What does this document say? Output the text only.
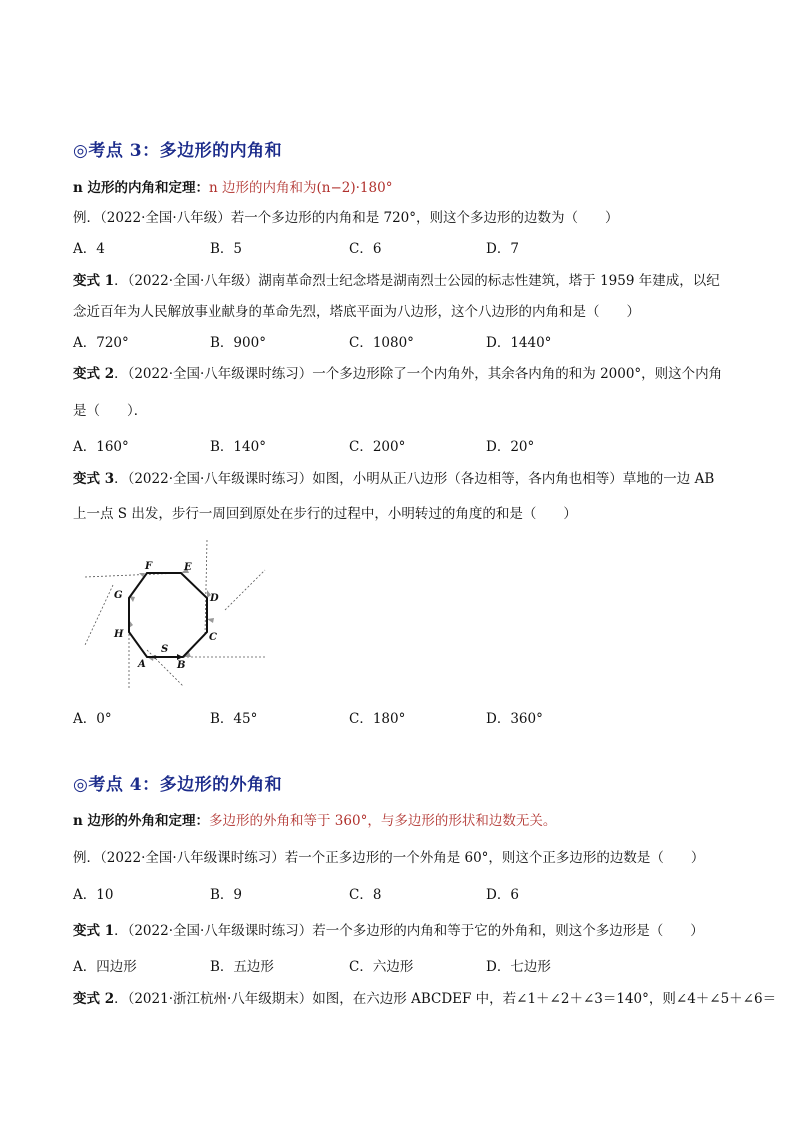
◎考点 3：多边形的内角和
n 边形的内角和定理：n 边形的内角和为(n−2)·180°
例．（2022·全国·八年级）若一个多边形的内角和是 720°，则这个多边形的边数为（　　）
A．4	B．5	C．6	D．7
变式 1．（2022·全国·八年级）湖南革命烈士纪念塔是湖南烈士公园的标志性建筑，塔于 1959 年建成，以纪
念近百年为人民解放事业献身的革命先烈，塔底平面为八边形，这个八边形的内角和是（　　）
A．720°	B．900°	C．1080°	D．1440°
变式 2．（2022·全国·八年级课时练习）一个多边形除了一个内角外，其余各内角的和为 2000°，则这个内角
是（　　）．
A．160°	B．140°	C．200°	D．20°
变式 3．（2022·全国·八年级课时练习）如图，小明从正八边形（各边相等，各内角也相等）草地的一边 AB
上一点 S 出发，步行一周回到原处在步行的过程中，小明转过的角度的和是（　　）
A	B
C
D
E
F
G
H
S
A．0°	B．45°	C．180°	D．360°
◎考点 4：多边形的外角和
n 边形的外角和定理：多边形的外角和等于 360°，与多边形的形状和边数无关。
例．（2022·全国·八年级课时练习）若一个正多边形的一个外角是 60°，则这个正多边形的边数是（　　）
A．10	B．9	C．8	D．6
变式 1．（2022·全国·八年级课时练习）若一个多边形的内角和等于它的外角和，则这个多边形是（　　）
A．四边形	B．五边形	C．六边形	D．七边形
变式 2．（2021·浙江杭州·八年级期末）如图，在六边形 ABCDEF 中，若∠1＋∠2＋∠3＝140°，则∠4＋∠5＋∠6＝
